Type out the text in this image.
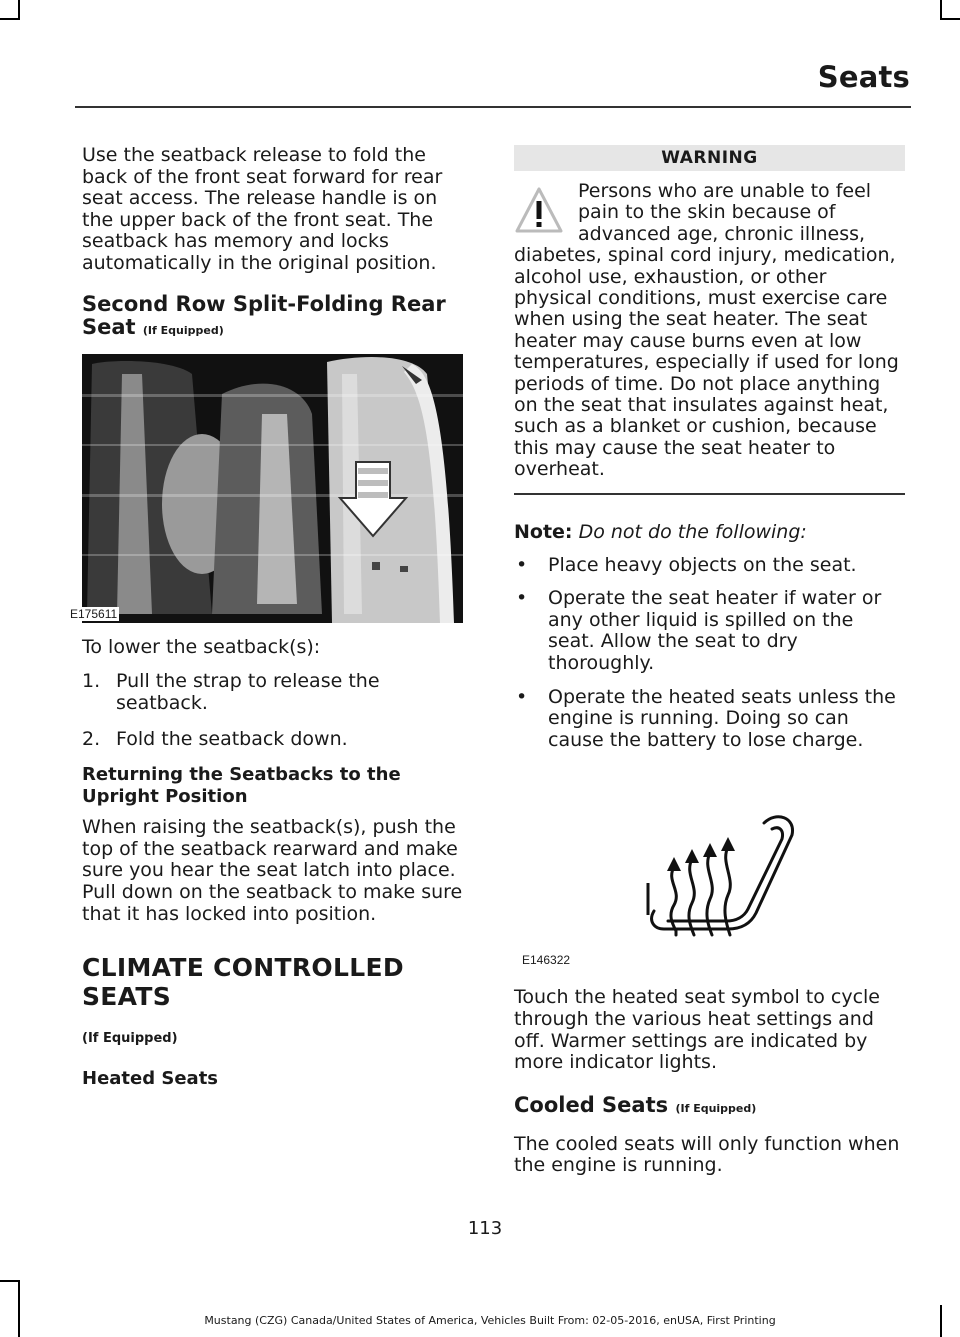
Seats

Use the seatback release to fold the back of the front seat forward for rear seat access. The release handle is on the upper back of the front seat. The seatback has memory and locks automatically in the original position.

Second Row Split-Folding Rear Seat (If Equipped)
E175611

To lower the seatback(s):

1. Pull the strap to release the seatback.
2. Fold the seatback down.
Returning the Seatbacks to the Upright Position

When raising the seatback(s), push the top of the seatback rearward and make sure you hear the seat latch into place. Pull down on the seatback to make sure that it has locked into position.

CLIMATE CONTROLLED SEATS
(If Equipped)
Heated Seats
WARNING
Persons who are unable to feel pain to the skin because of advanced age, chronic illness, diabetes, spinal cord injury, medication, alcohol use, exhaustion, or other physical conditions, must exercise care when using the seat heater. The seat heater may cause burns even at low temperatures, especially if used for long periods of time. Do not place anything on the seat that insulates against heat, such as a blanket or cushion, because this may cause the seat heater to overheat.

Note: Do not do the following:

•	Place heavy objects on the seat.
•	Operate the seat heater if water or any other liquid is spilled on the seat. Allow the seat to dry thoroughly.
•	Operate the heated seats unless the engine is running. Doing so can cause the battery to lose charge.
E146322

Touch the heated seat symbol to cycle through the various heat settings and off. Warmer settings are indicated by more indicator lights.

Cooled Seats (If Equipped)

The cooled seats will only function when the engine is running.

113
Mustang (CZG) Canada/United States of America, Vehicles Built From: 02-05-2016, enUSA, First Printing
